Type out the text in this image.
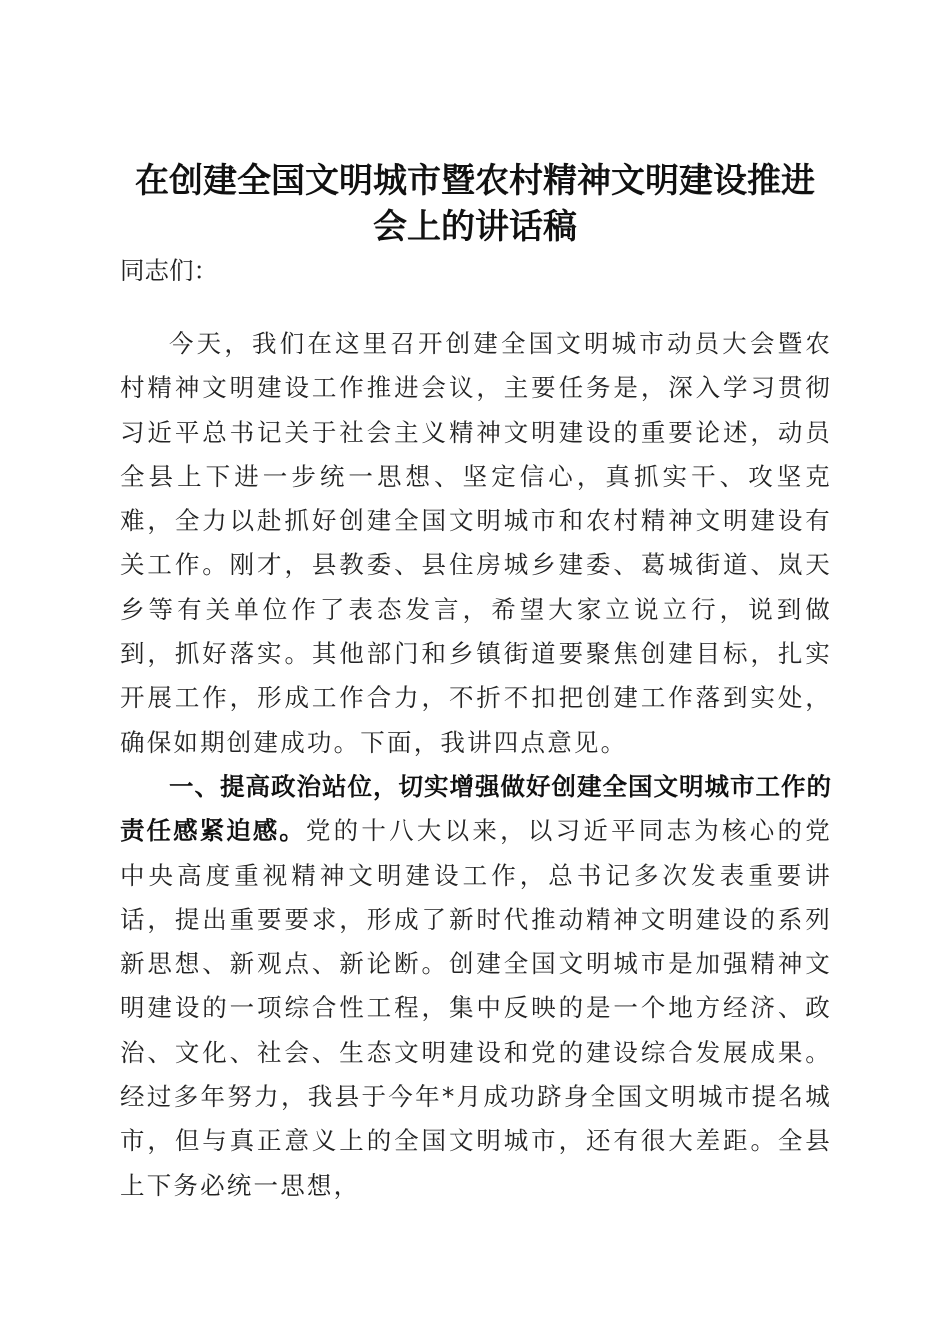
在创建全国文明城市暨农村精神文明建设推进
会上的讲话稿

同志们：

今天，我们在这里召开创建全国文明城市动员大会暨农村精神文明建设工作推进会议，主要任务是，深入学习贯彻习近平总书记关于社会主义精神文明建设的重要论述，动员全县上下进一步统一思想、坚定信心，真抓实干、攻坚克难，全力以赴抓好创建全国文明城市和农村精神文明建设有关工作。刚才，县教委、县住房城乡建委、葛城街道、岚天乡等有关单位作了表态发言，希望大家立说立行，说到做到，抓好落实。其他部门和乡镇街道要聚焦创建目标，扎实开展工作，形成工作合力，不折不扣把创建工作落到实处，确保如期创建成功。下面，我讲四点意见。

一、提高政治站位，切实增强做好创建全国文明城市工作的责任感紧迫感。党的十八大以来，以习近平同志为核心的党中央高度重视精神文明建设工作，总书记多次发表重要讲话，提出重要要求，形成了新时代推动精神文明建设的系列新思想、新观点、新论断。创建全国文明城市是加强精神文明建设的一项综合性工程，集中反映的是一个地方经济、政治、文化、社会、生态文明建设和党的建设综合发展成果。经过多年努力，我县于今年*月成功跻身全国文明城市提名城市，但与真正意义上的全国文明城市，还有很大差距。全县上下务必统一思想，
